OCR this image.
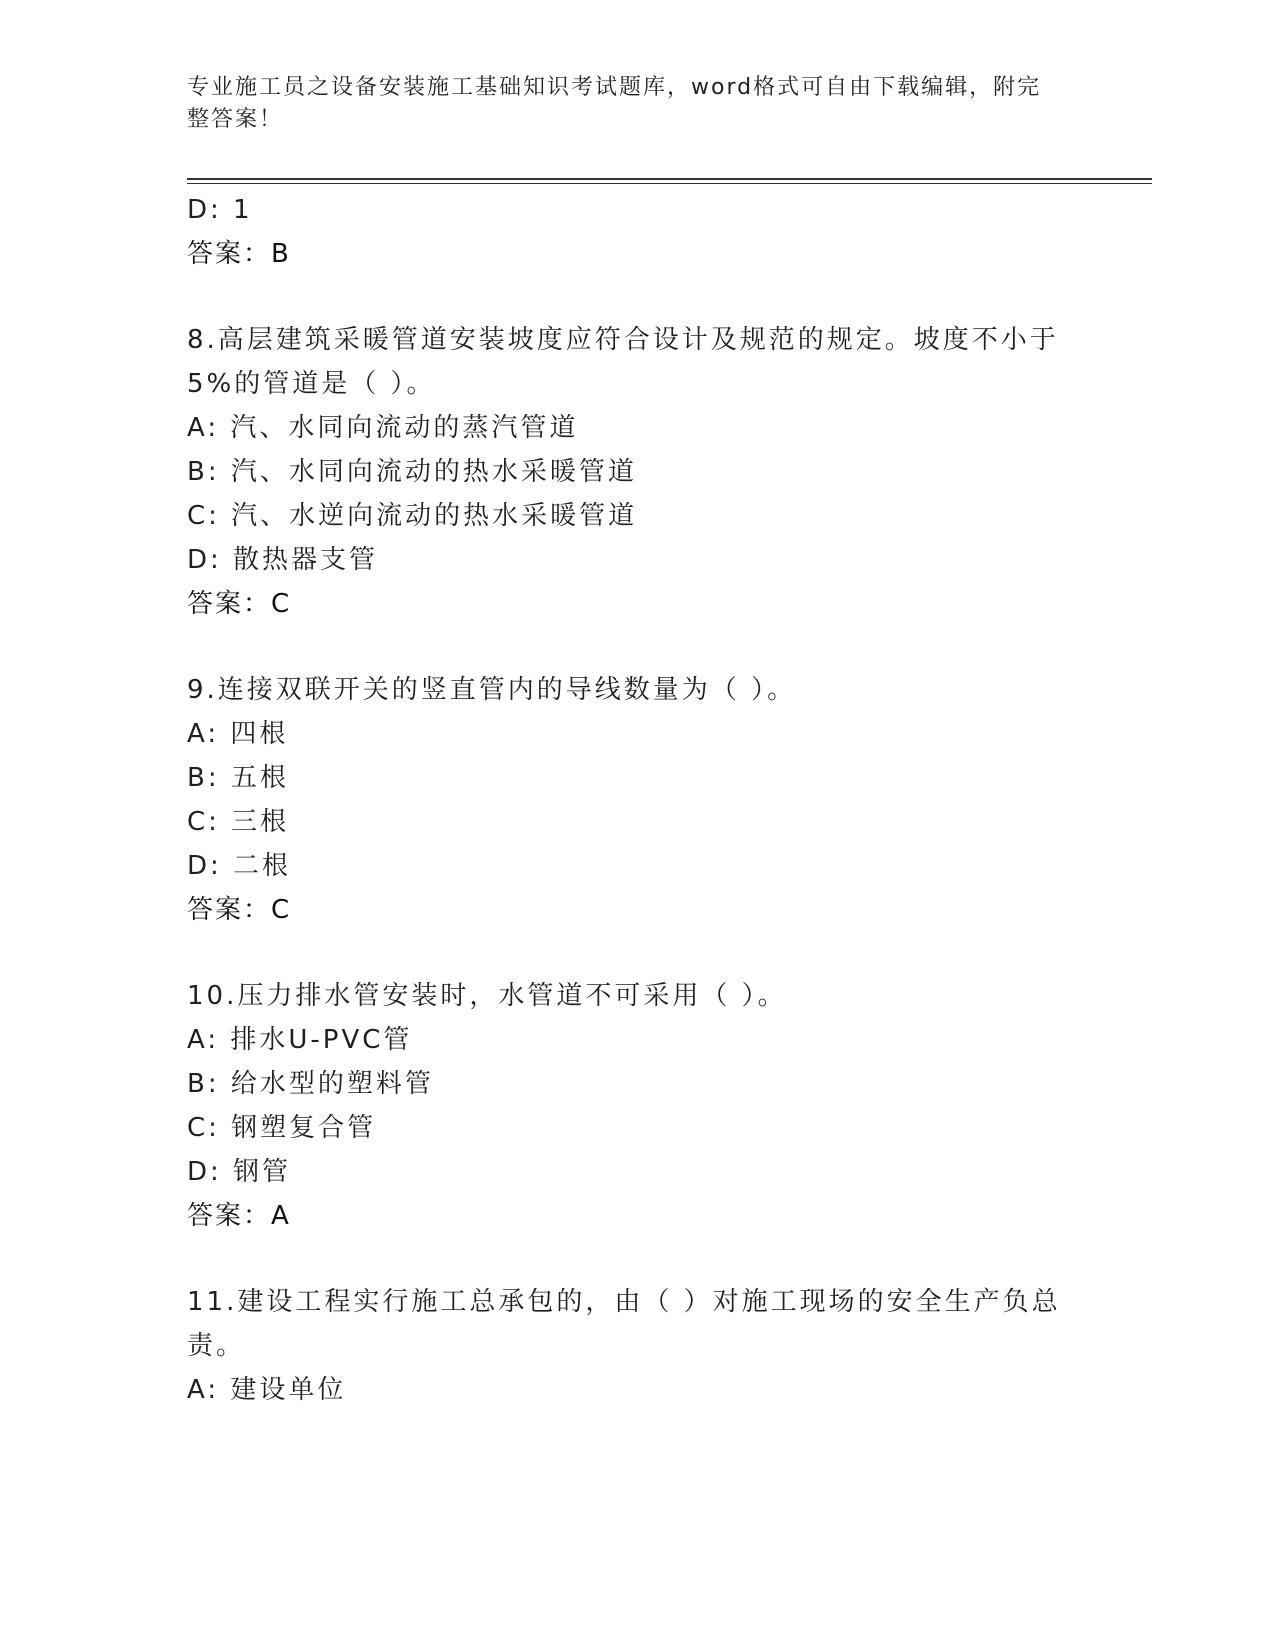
专业施工员之设备安装施工基础知识考试题库，word格式可自由下载编辑，附完
整答案！
D: 1
答案：B
8.高层建筑采暖管道安装坡度应符合设计及规范的规定。坡度不小于
5%的管道是（ ）。
A: 汽、水同向流动的蒸汽管道
B: 汽、水同向流动的热水采暖管道
C: 汽、水逆向流动的热水采暖管道
D: 散热器支管
答案：C
9.连接双联开关的竖直管内的导线数量为（ ）。
A: 四根
B: 五根
C: 三根
D: 二根
答案：C
10.压力排水管安装时，水管道不可采用（ ）。
A: 排水U-PVC管
B: 给水型的塑料管
C: 钢塑复合管
D: 钢管
答案：A
11.建设工程实行施工总承包的，由（ ）对施工现场的安全生产负总
责。
A: 建设单位
